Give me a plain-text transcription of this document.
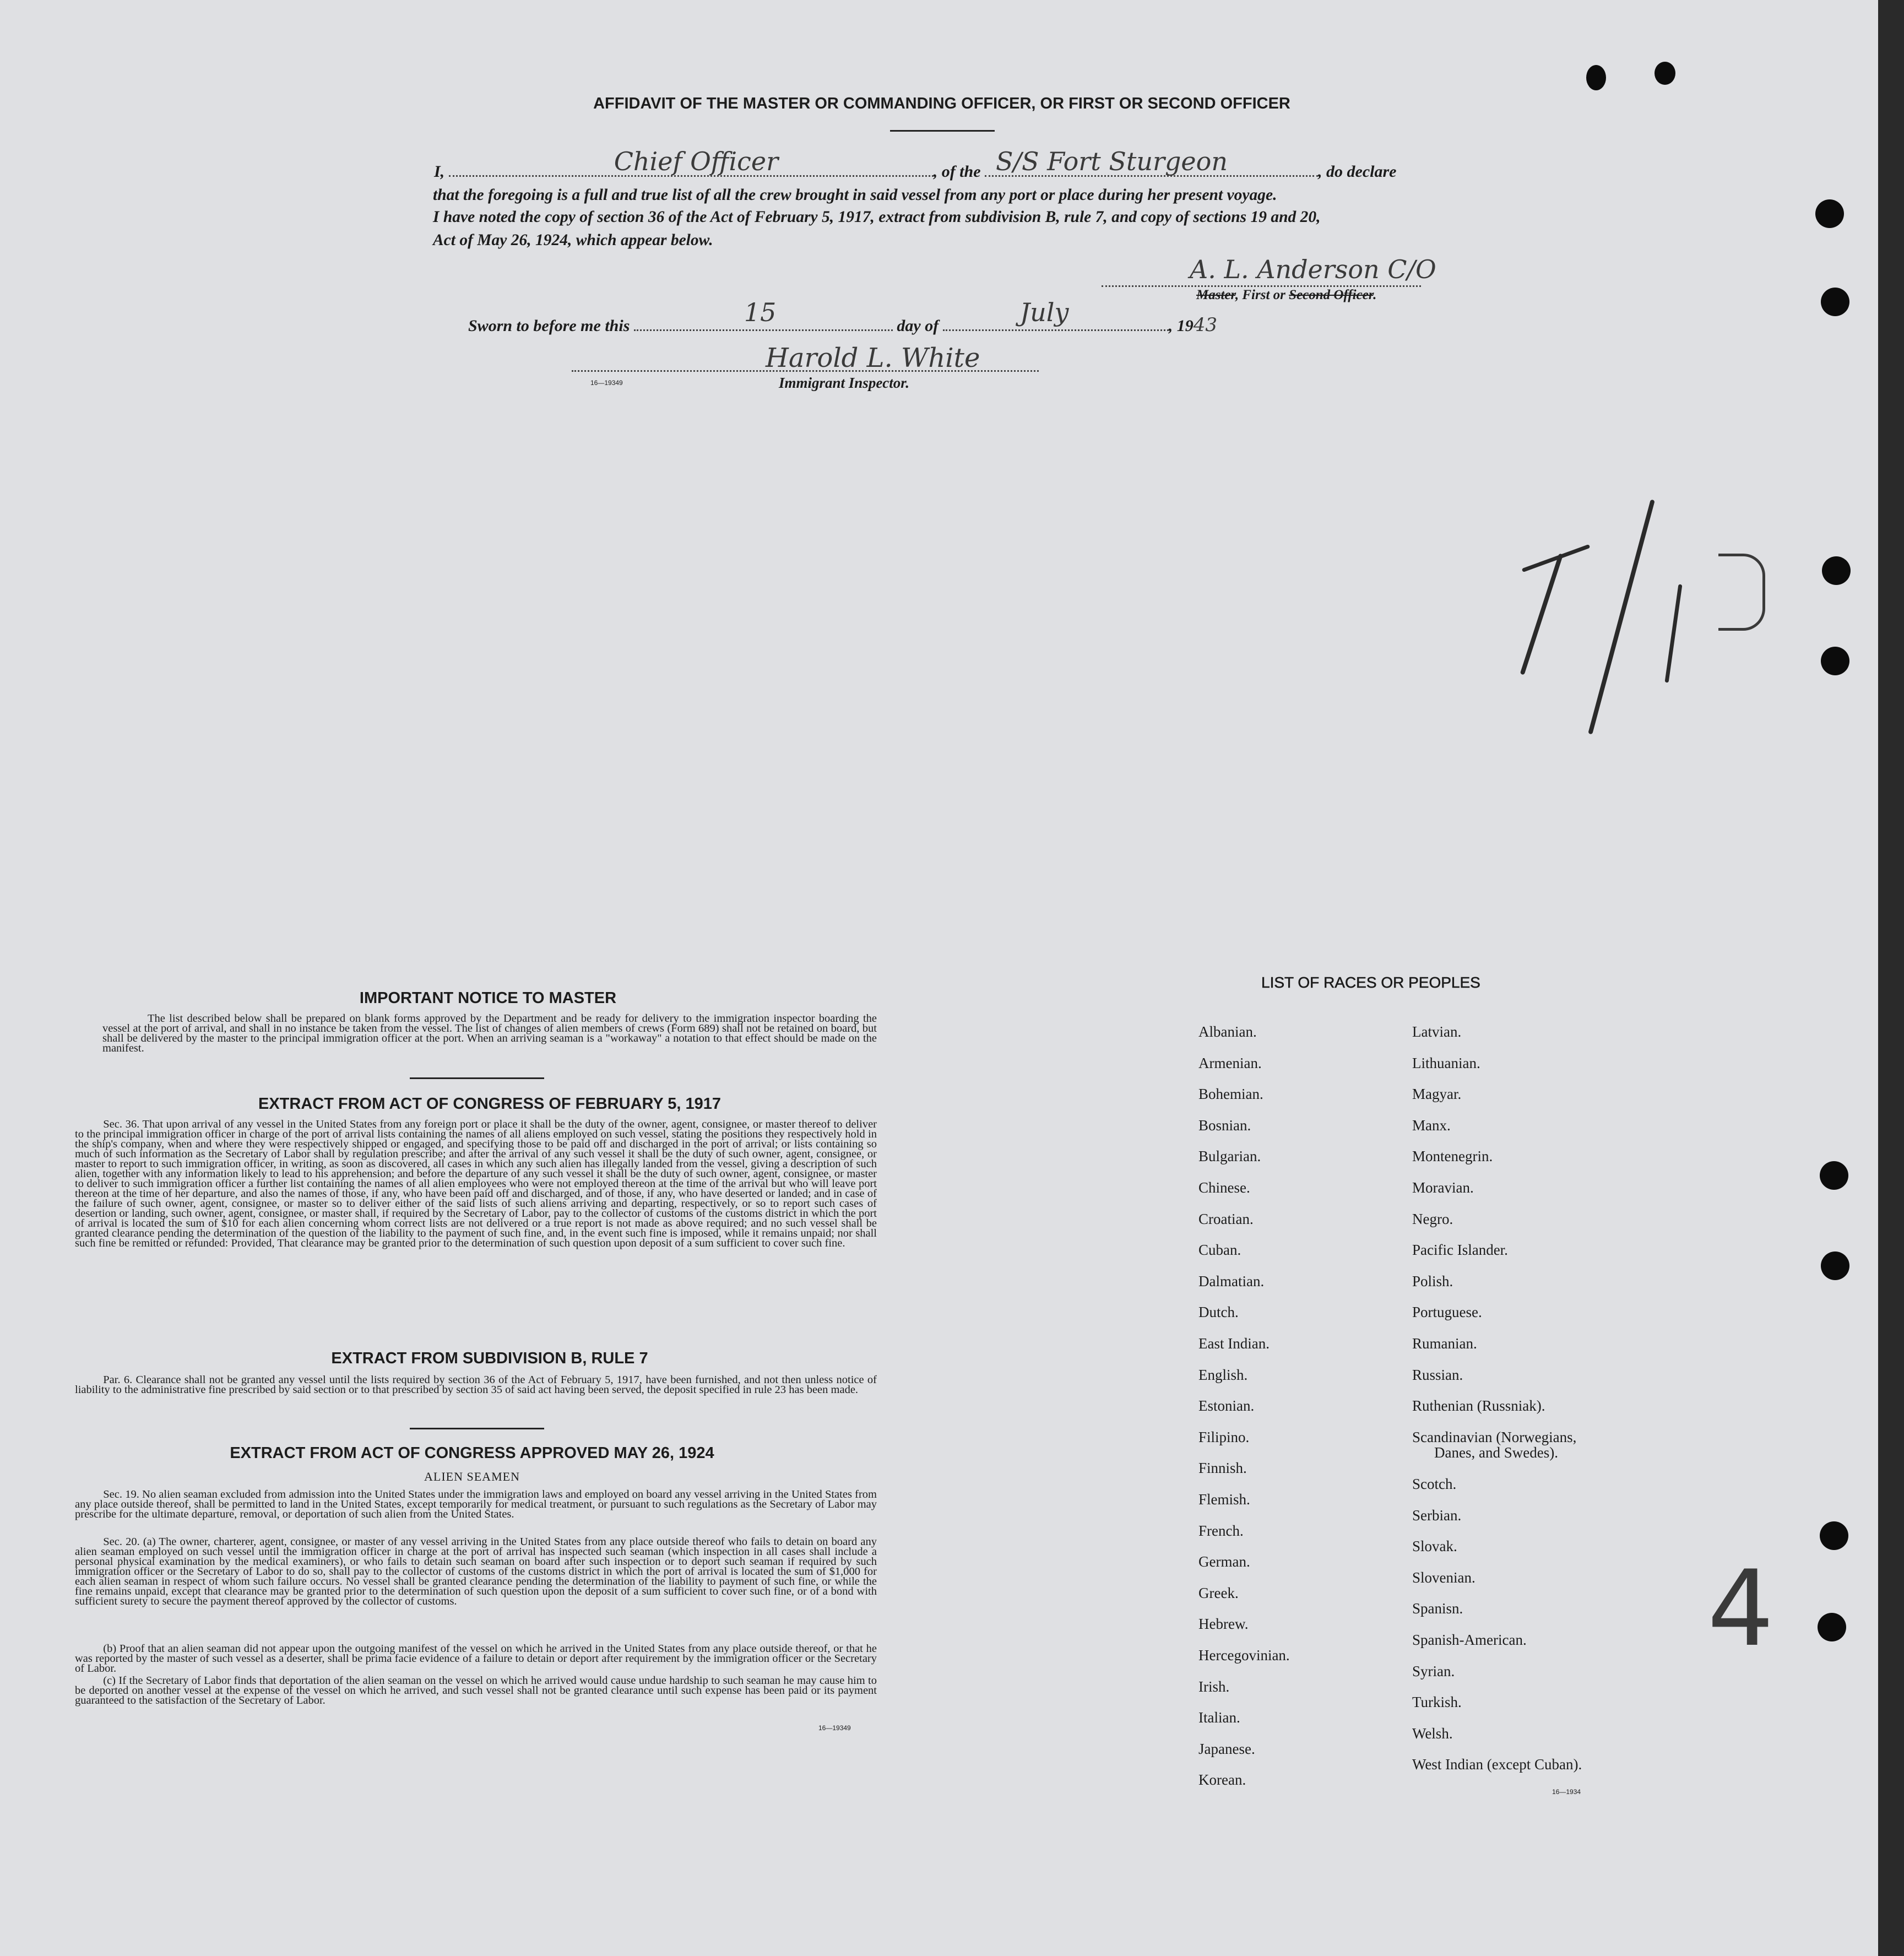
AFFIDAVIT OF THE MASTER OR COMMANDING OFFICER, OR FIRST OR SECOND OFFICER
I,	Chief Officer	, of the S/S Fort Sturgeon	, do declare
that the foregoing is a full and true list of all the crew brought in said vessel from any port or place during her present voyage.
I have noted the copy of section 36 of the Act of February 5, 1917, extract from subdivision B, rule 7, and copy of sections 19 and 20,
Act of May 26, 1924, which appear below.
A. L. Anderson C/O
Master, First or Second Officer.
Sworn to before me this	15	day of	July	, 1943
Harold L. White
16—19349	Immigrant Inspector.
IMPORTANT NOTICE TO MASTER
The list described below shall be prepared on blank forms approved by the Department and be ready for delivery to the immigration inspector boarding the vessel at the port of arrival, and shall in no instance be taken from the vessel. The list of changes of alien members of crews (Form 689) shall not be retained on board, but shall be delivered by the master to the principal immigration officer at the port. When an arriving seaman is a "workaway" a notation to that effect should be made on the manifest.
EXTRACT FROM ACT OF CONGRESS OF FEBRUARY 5, 1917
Sec. 36. That upon arrival of any vessel in the United States from any foreign port or place it shall be the duty of the owner, agent, consignee, or master thereof to deliver to the principal immigration officer in charge of the port of arrival lists containing the names of all aliens employed on such vessel, stating the positions they respectively hold in the ship's company, when and where they were respectively shipped or engaged, and specifying those to be paid off and discharged in the port of arrival; or lists containing so much of such information as the Secretary of Labor shall by regulation prescribe; and after the arrival of any such vessel it shall be the duty of such owner, agent, consignee, or master to report to such immigration officer, in writing, as soon as discovered, all cases in which any such alien has illegally landed from the vessel, giving a description of such alien, together with any information likely to lead to his apprehension; and before the departure of any such vessel it shall be the duty of such owner, agent, consignee, or master to deliver to such immigration officer a further list containing the names of all alien employees who were not employed thereon at the time of the arrival but who will leave port thereon at the time of her departure, and also the names of those, if any, who have been paid off and discharged, and of those, if any, who have deserted or landed; and in case of the failure of such owner, agent, consignee, or master so to deliver either of the said lists of such aliens arriving and departing, respectively, or so to report such cases of desertion or landing, such owner, agent, consignee, or master shall, if required by the Secretary of Labor, pay to the collector of customs of the customs district in which the port of arrival is located the sum of $10 for each alien concerning whom correct lists are not delivered or a true report is not made as above required; and no such vessel shall be granted clearance pending the determination of the question of the liability to the payment of such fine, and, in the event such fine is imposed, while it remains unpaid; nor shall such fine be remitted or refunded: Provided, That clearance may be granted prior to the determination of such question upon deposit of a sum sufficient to cover such fine.
EXTRACT FROM SUBDIVISION B, RULE 7
Par. 6. Clearance shall not be granted any vessel until the lists required by section 36 of the Act of February 5, 1917, have been furnished, and not then unless notice of liability to the administrative fine prescribed by said section or to that prescribed by section 35 of said act having been served, the deposit specified in rule 23 has been made.
EXTRACT FROM ACT OF CONGRESS APPROVED MAY 26, 1924
ALIEN SEAMEN
Sec. 19. No alien seaman excluded from admission into the United States under the immigration laws and employed on board any vessel arriving in the United States from any place outside thereof, shall be permitted to land in the United States, except temporarily for medical treatment, or pursuant to such regulations as the Secretary of Labor may prescribe for the ultimate departure, removal, or deportation of such alien from the United States.
Sec. 20. (a) The owner, charterer, agent, consignee, or master of any vessel arriving in the United States from any place outside thereof who fails to detain on board any alien seaman employed on such vessel until the immigration officer in charge at the port of arrival has inspected such seaman (which inspection in all cases shall include a personal physical examination by the medical examiners), or who fails to detain such seaman on board after such inspection or to deport such seaman if required by such immigration officer or the Secretary of Labor to do so, shall pay to the collector of customs of the customs district in which the port of arrival is located the sum of $1,000 for each alien seaman in respect of whom such failure occurs. No vessel shall be granted clearance pending the determination of the liability to payment of such fine, or while the fine remains unpaid, except that clearance may be granted prior to the determination of such question upon the deposit of a sum sufficient to cover such fine, or of a bond with sufficient surety to secure the payment thereof approved by the collector of customs.
(b) Proof that an alien seaman did not appear upon the outgoing manifest of the vessel on which he arrived in the United States from any place outside thereof, or that he was reported by the master of such vessel as a deserter, shall be prima facie evidence of a failure to detain or deport after requirement by the immigration officer or the Secretary of Labor.
(c) If the Secretary of Labor finds that deportation of the alien seaman on the vessel on which he arrived would cause undue hardship to such seaman he may cause him to be deported on another vessel at the expense of the vessel on which he arrived, and such vessel shall not be granted clearance until such expense has been paid or its payment guaranteed to the satisfaction of the Secretary of Labor.
16—19349
LIST OF RACES OR PEOPLES
Albanian.
Armenian.
Bohemian.
Bosnian.
Bulgarian.
Chinese.
Croatian.
Cuban.
Dalmatian.
Dutch.
East Indian.
English.
Estonian.
Filipino.
Finnish.
Flemish.
French.
German.
Greek.
Hebrew.
Hercegovinian.
Irish.
Italian.
Japanese.
Korean.
Latvian.
Lithuanian.
Magyar.
Manx.
Montenegrin.
Moravian.
Negro.
Pacific Islander.
Polish.
Portuguese.
Rumanian.
Russian.
Ruthenian (Russniak).
Scandinavian (Norwegians,
Danes, and Swedes).
Scotch.
Serbian.
Slovak.
Slovenian.
Spanisn.
Spanish-American.
Syrian.
Turkish.
Welsh.
West Indian (except Cuban).
16—1934
4
